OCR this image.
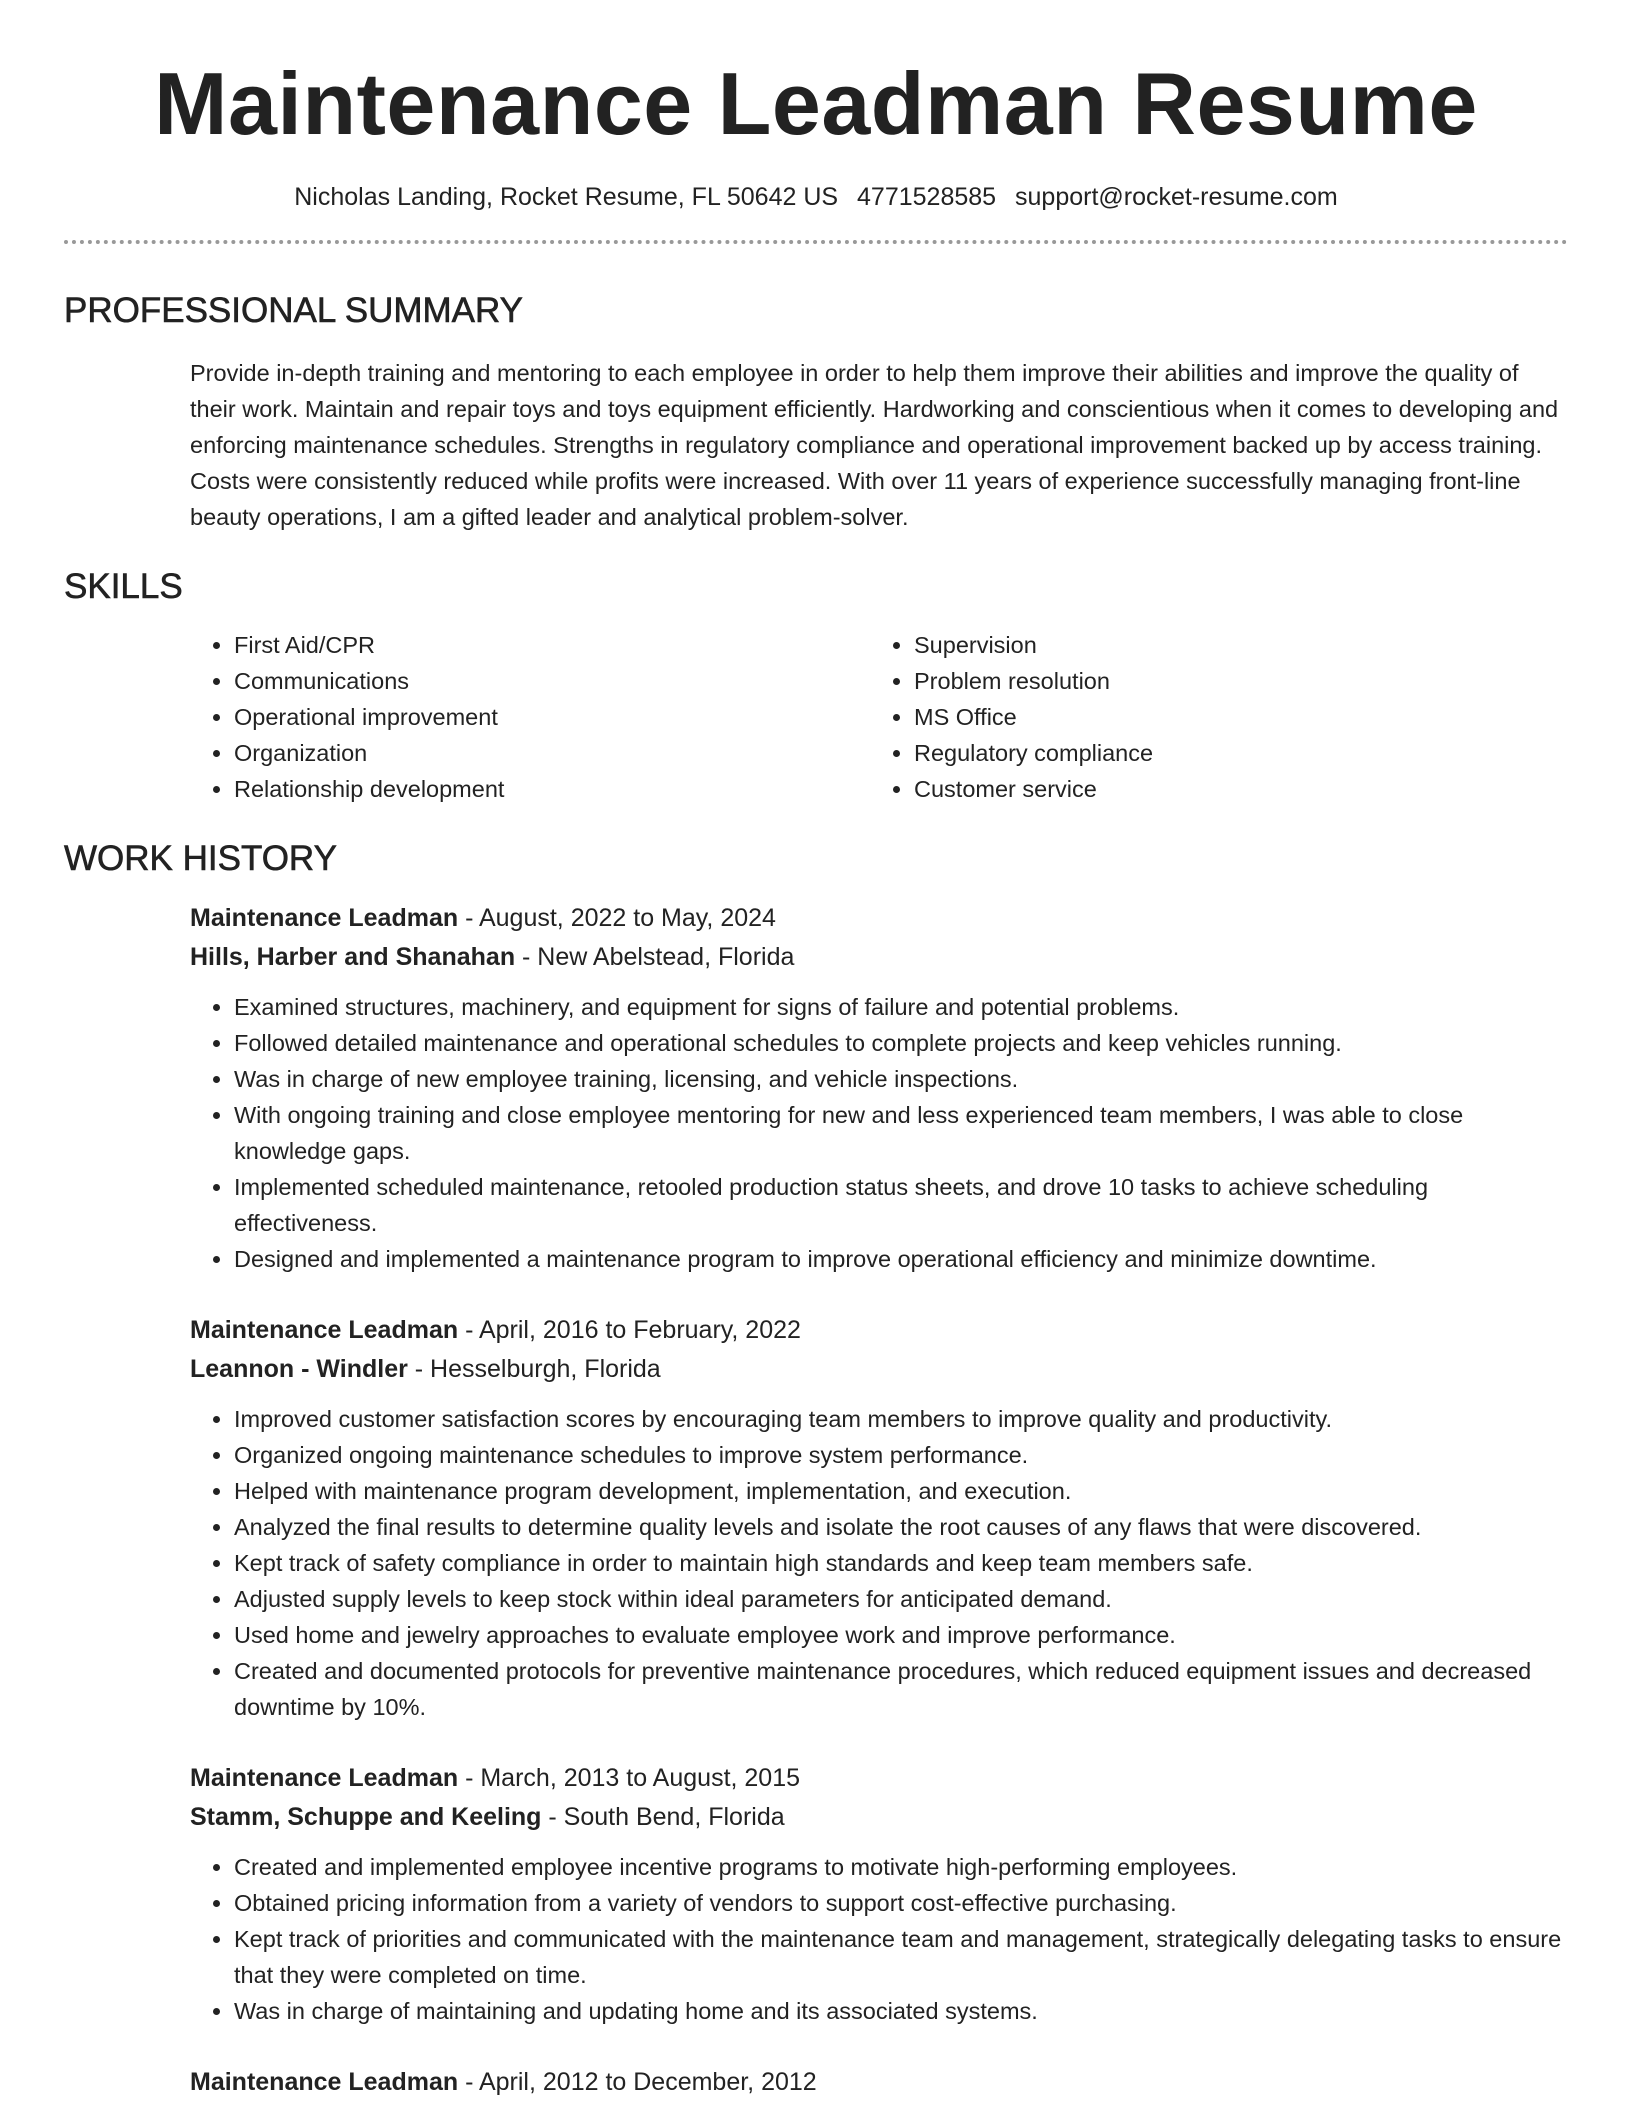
Maintenance Leadman Resume
Nicholas Landing, Rocket Resume, FL 50642 US 4771528585 support@rocket-resume.com
PROFESSIONAL SUMMARY

Provide in-depth training and mentoring to each employee in order to help them improve their abilities and improve the quality of their work. Maintain and repair toys and toys equipment efficiently. Hardworking and conscientious when it comes to developing and enforcing maintenance schedules. Strengths in regulatory compliance and operational improvement backed up by access training. Costs were consistently reduced while profits were increased. With over 11 years of experience successfully managing front-line beauty operations, I am a gifted leader and analytical problem-solver.

SKILLS
• First Aid/CPR
• Communications
• Operational improvement
• Organization
• Relationship development
• Supervision
• Problem resolution
• MS Office
• Regulatory compliance
• Customer service
WORK HISTORY
Maintenance Leadman - August, 2022 to May, 2024
Hills, Harber and Shanahan - New Abelstead, Florida
• Examined structures, machinery, and equipment for signs of failure and potential problems.
• Followed detailed maintenance and operational schedules to complete projects and keep vehicles running.
• Was in charge of new employee training, licensing, and vehicle inspections.
• With ongoing training and close employee mentoring for new and less experienced team members, I was able to close knowledge gaps.
• Implemented scheduled maintenance, retooled production status sheets, and drove 10 tasks to achieve scheduling effectiveness.
• Designed and implemented a maintenance program to improve operational efficiency and minimize downtime.
Maintenance Leadman - April, 2016 to February, 2022
Leannon - Windler - Hesselburgh, Florida
• Improved customer satisfaction scores by encouraging team members to improve quality and productivity.
• Organized ongoing maintenance schedules to improve system performance.
• Helped with maintenance program development, implementation, and execution.
• Analyzed the final results to determine quality levels and isolate the root causes of any flaws that were discovered.
• Kept track of safety compliance in order to maintain high standards and keep team members safe.
• Adjusted supply levels to keep stock within ideal parameters for anticipated demand.
• Used home and jewelry approaches to evaluate employee work and improve performance.
• Created and documented protocols for preventive maintenance procedures, which reduced equipment issues and decreased downtime by 10%.
Maintenance Leadman - March, 2013 to August, 2015
Stamm, Schuppe and Keeling - South Bend, Florida
• Created and implemented employee incentive programs to motivate high-performing employees.
• Obtained pricing information from a variety of vendors to support cost-effective purchasing.
• Kept track of priorities and communicated with the maintenance team and management, strategically delegating tasks to ensure that they were completed on time.
• Was in charge of maintaining and updating home and its associated systems.
Maintenance Leadman - April, 2012 to December, 2012
